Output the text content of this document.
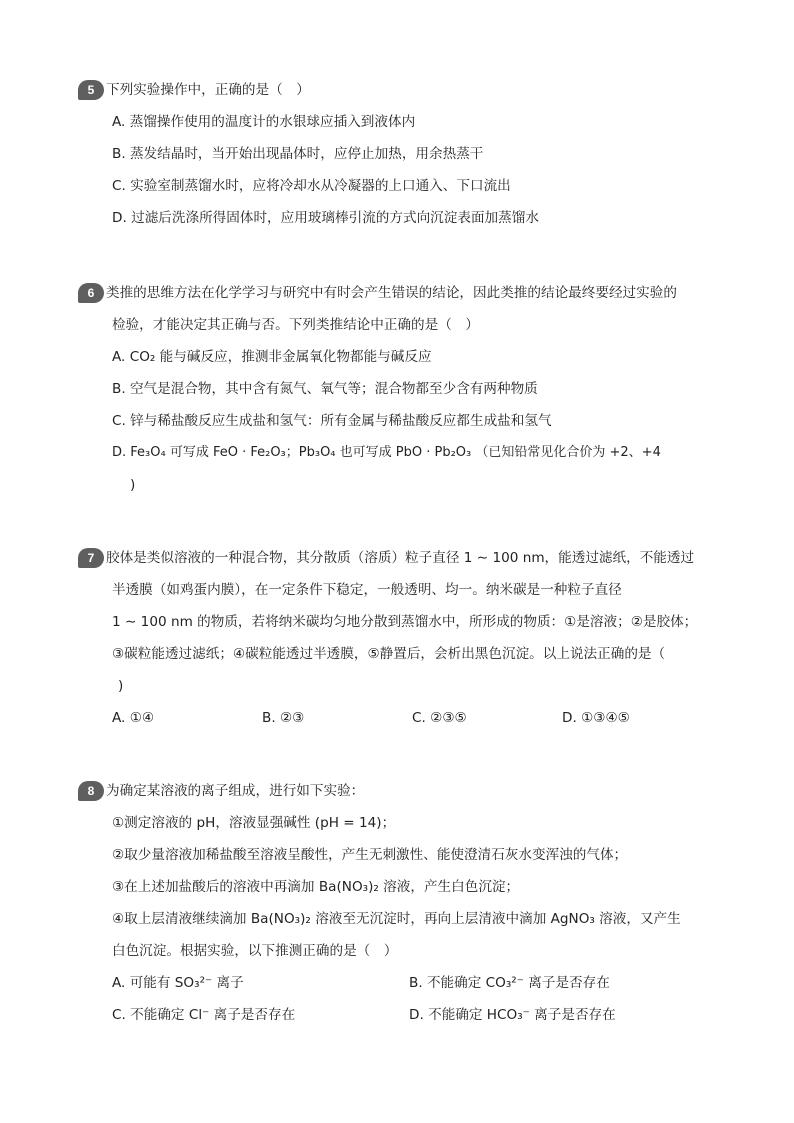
5 下列实验操作中，正确的是（　）
A. 蒸馏操作使用的温度计的水银球应插入到液体内
B. 蒸发结晶时，当开始出现晶体时，应停止加热，用余热蒸干
C. 实验室制蒸馏水时，应将冷却水从冷凝器的上口通入、下口流出
D. 过滤后洗涤所得固体时，应用玻璃棒引流的方式向沉淀表面加蒸馏水
6 类推的思维方法在化学学习与研究中有时会产生错误的结论，因此类推的结论最终要经过实验的
检验，才能决定其正确与否。下列类推结论中正确的是（　）
A. CO₂ 能与碱反应，推测非金属氧化物都能与碱反应
B. 空气是混合物，其中含有氮气、氧气等；混合物都至少含有两种物质
C. 锌与稀盐酸反应生成盐和氢气：所有金属与稀盐酸反应都生成盐和氢气
D. Fe₃O₄ 可写成 FeO · Fe₂O₃；Pb₃O₄ 也可写成 PbO · Pb₂O₃ （已知铅常见化合价为 +2、+4
)
7 胶体是类似溶液的一种混合物，其分散质（溶质）粒子直径 1 ∼ 100 nm，能透过滤纸，不能透过
半透膜（如鸡蛋内膜），在一定条件下稳定，一般透明、均一。纳米碳是一种粒子直径
1 ∼ 100 nm 的物质，若将纳米碳均匀地分散到蒸馏水中，所形成的物质：①是溶液；②是胶体；
③碳粒能透过滤纸；④碳粒能透过半透膜，⑤静置后，会析出黑色沉淀。以上说法正确的是（
)
A. ①④	B. ②③	C. ②③⑤	D. ①③④⑤
8 为确定某溶液的离子组成，进行如下实验：
①测定溶液的 pH，溶液显强碱性 (pH = 14)；
②取少量溶液加稀盐酸至溶液呈酸性，产生无刺激性、能使澄清石灰水变浑浊的气体；
③在上述加盐酸后的溶液中再滴加 Ba(NO₃)₂ 溶液，产生白色沉淀；
④取上层清液继续滴加 Ba(NO₃)₂ 溶液至无沉淀时，再向上层清液中滴加 AgNO₃ 溶液，又产生
白色沉淀。根据实验，以下推测正确的是（　）
A. 可能有 SO₃²⁻ 离子	B. 不能确定 CO₃²⁻ 离子是否存在
C. 不能确定 Cl⁻ 离子是否存在	D. 不能确定 HCO₃⁻ 离子是否存在
